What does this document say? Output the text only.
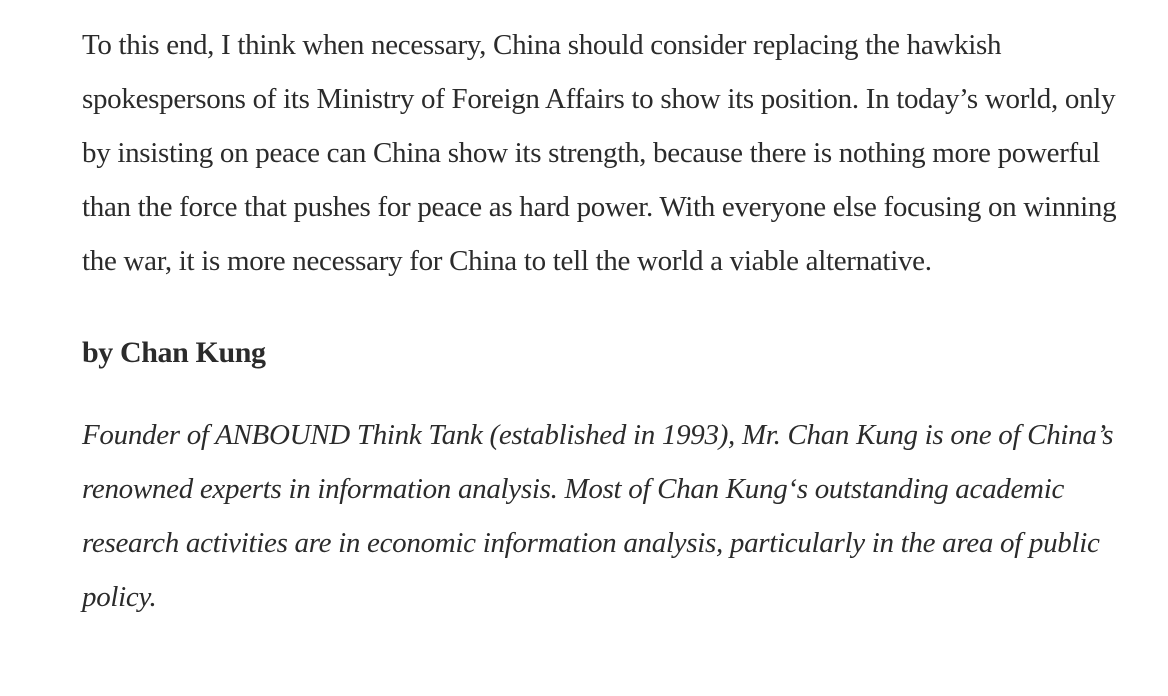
To this end, I think when necessary, China should consider replacing the hawkish spokespersons of its Ministry of Foreign Affairs to show its position. In today’s world, only by insisting on peace can China show its strength, because there is nothing more powerful than the force that pushes for peace as hard power. With everyone else focusing on winning the war, it is more necessary for China to tell the world a viable alternative.

by Chan Kung

Founder of ANBOUND Think Tank (established in 1993), Mr. Chan Kung is one of China’s renowned experts in information analysis. Most of Chan Kung‘s outstanding academic research activities are in economic information analysis, particularly in the area of public policy.
